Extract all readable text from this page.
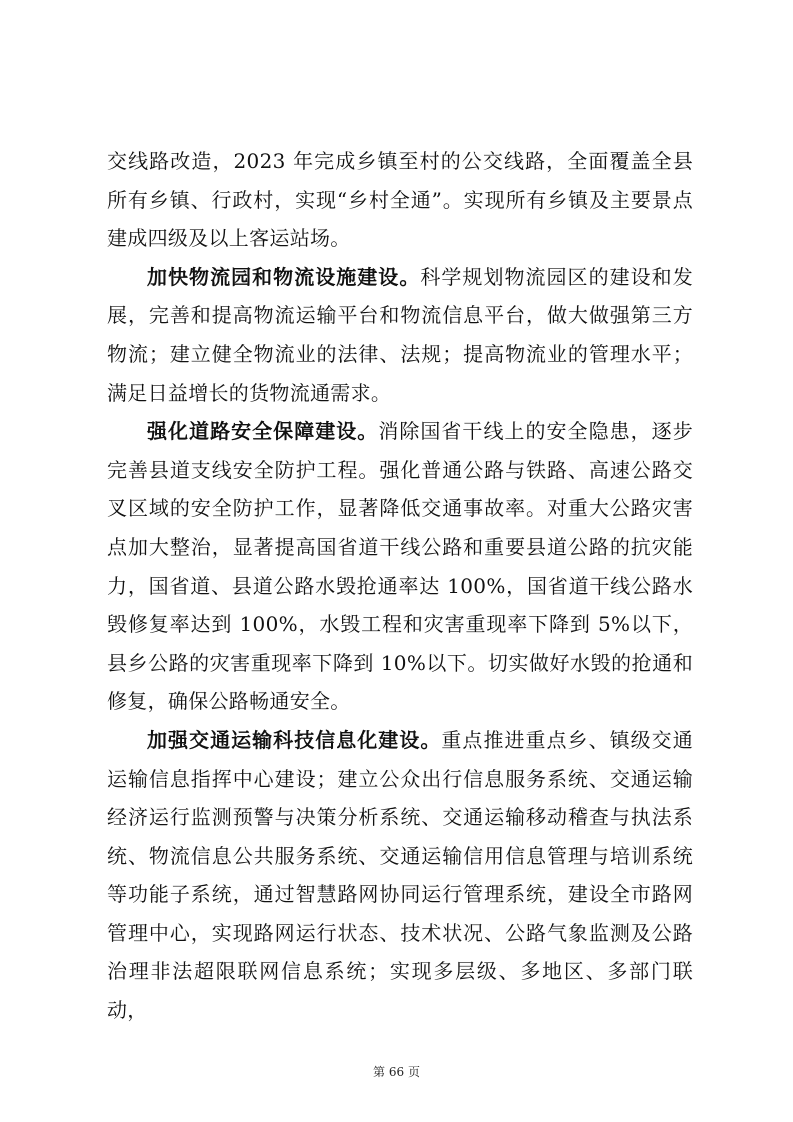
交线路改造，2023 年完成乡镇至村的公交线路，全面覆盖全县所有乡镇、行政村，实现“乡村全通”。实现所有乡镇及主要景点建成四级及以上客运站场。

加快物流园和物流设施建设。科学规划物流园区的建设和发展，完善和提高物流运输平台和物流信息平台，做大做强第三方物流；建立健全物流业的法律、法规；提高物流业的管理水平；满足日益增长的货物流通需求。

强化道路安全保障建设。消除国省干线上的安全隐患，逐步完善县道支线安全防护工程。强化普通公路与铁路、高速公路交叉区域的安全防护工作，显著降低交通事故率。对重大公路灾害点加大整治，显著提高国省道干线公路和重要县道公路的抗灾能力，国省道、县道公路水毁抢通率达 100%，国省道干线公路水毁修复率达到 100%，水毁工程和灾害重现率下降到 5%以下，县乡公路的灾害重现率下降到 10%以下。切实做好水毁的抢通和修复，确保公路畅通安全。

加强交通运输科技信息化建设。重点推进重点乡、镇级交通运输信息指挥中心建设；建立公众出行信息服务系统、交通运输经济运行监测预警与决策分析系统、交通运输移动稽查与执法系统、物流信息公共服务系统、交通运输信用信息管理与培训系统等功能子系统，通过智慧路网协同运行管理系统，建设全市路网管理中心，实现路网运行状态、技术状况、公路气象监测及公路治理非法超限联网信息系统；实现多层级、多地区、多部门联动，

第 66 页
